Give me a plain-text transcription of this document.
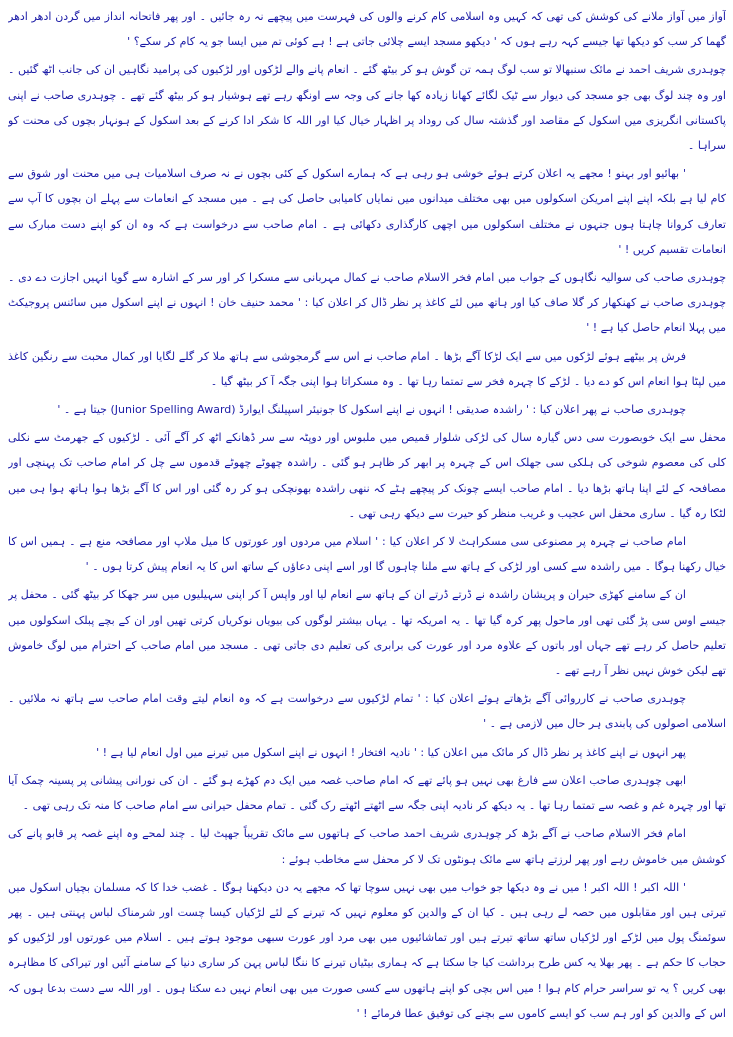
آواز میں آواز ملانے کی کوشش کی تھی کہ کہیں وہ اسلامی کام کرنے والوں کی فہرست میں پیچھے نہ رہ جائیں ۔ اور پھر فاتحانہ انداز میں گردن ادھر ادھر گھما کر سب کو دیکھا تھا جیسے کہہ رہے ہوں کہ ' دیکھو مسجد ایسے چلائی جاتی ہے ! ہے کوئی تم میں ایسا جو یہ کام کر سکے؟ '

چوہدری شریف احمد نے مائک سنبھالا تو سب لوگ ہمہ تن گوش ہو کر بیٹھ گئے ۔ انعام پانے والے لڑکوں اور لڑکیوں کی پرامید نگاہیں ان کی جانب اٹھ گئیں ۔ اور وہ چند لوگ بھی جو مسجد کی دیوار سے ٹیک لگائے کھانا زیادہ کھا جانے کی وجہ سے اونگھ رہے تھے ہوشیار ہو کر بیٹھ گئے تھے ۔ چوہدری صاحب نے اپنی پاکستانی انگریزی میں اسکول کے مقاصد اور گذشتہ سال کی روداد پر اظہار خیال کیا اور اللہ کا شکر ادا کرنے کے بعد اسکول کے ہونہار بچوں کی محنت کو سراہا ۔

' بھائیو اور بہنو ! مجھے یہ اعلان کرتے ہوئے خوشی ہو رہی ہے کہ ہمارے اسکول کے کئی بچوں نے نہ صرف اسلامیات ہی میں محنت اور شوق سے کام لیا ہے بلکہ اپنے اپنے امریکن اسکولوں میں بھی مختلف میدانوں میں نمایاں کامیابی حاصل کی ہے ۔ میں مسجد کے انعامات سے پہلے ان بچوں کا آپ سے تعارف کروانا چاہتا ہوں جنہوں نے مختلف اسکولوں میں اچھی کارگذاری دکھائی ہے ۔ امام صاحب سے درخواست ہے کہ وہ ان کو اپنے دست مبارک سے انعامات تقسیم کریں ! '

چوہدری صاحب کی سوالیہ نگاہوں کے جواب میں امام فخر الاسلام صاحب نے کمال مہربانی سے مسکرا کر اور سر کے اشارہ سے گویا انہیں اجازت دے دی ۔ چوہدری صاحب نے کھنکھار کر گلا صاف کیا اور ہاتھ میں لئے کاغذ پر نظر ڈال کر اعلان کیا : ' محمد حنیف خان ! انہوں نے اپنے اسکول میں سائنس پروجیکٹ میں پہلا انعام حاصل کیا ہے ! '

فرش پر بیٹھے ہوئے لڑکوں میں سے ایک لڑکا آگے بڑھا ۔ امام صاحب نے اس سے گرمجوشی سے ہاتھ ملا کر گلے لگایا اور کمال محبت سے رنگین کاغذ میں لپٹا ہوا انعام اس کو دے دیا ۔ لڑکے کا چہرہ فخر سے تمتما رہا تھا ۔ وہ مسکراتا ہوا اپنی جگہ آ کر بیٹھ گیا ۔

چوہدری صاحب نے پھر اعلان کیا : ' راشدہ صدیقی ! انہوں نے اپنے اسکول کا جونیئر اسپیلنگ ایوارڈ (Junior Spelling Award) جیتا ہے ۔ '

محفل سے ایک خوبصورت سی دس گیارہ سال کی لڑکی شلوار قمیص میں ملبوس اور دوپٹہ سے سر ڈھانکے اٹھ کر آگے آئی ۔ لڑکیوں کے جھرمٹ سے نکلی کلی کی معصوم شوخی کی ہلکی سی جھلک اس کے چہرہ پر ابھر کر ظاہر ہو گئی ۔ راشدہ چھوٹے چھوٹے قدموں سے چل کر امام صاحب تک پہنچی اور مصافحہ کے لئے اپنا ہاتھ بڑھا دیا ۔ امام صاحب ایسے چونک کر پیچھے ہٹے کہ ننھی راشدہ بھونچکی ہو کر رہ گئی اور اس کا آگے بڑھا ہوا ہاتھ ہوا ہی میں لٹکا رہ گیا ۔ ساری محفل اس عجیب و غریب منظر کو حیرت سے دیکھ رہی تھی ۔

امام صاحب نے چہرہ پر مصنوعی سی مسکراہٹ لا کر اعلان کیا : ' اسلام میں مردوں اور عورتوں کا میل ملاپ اور مصافحہ منع ہے ۔ ہمیں اس کا خیال رکھنا ہوگا ۔ میں راشدہ سے کسی اور لڑکی کے ہاتھ سے ملنا چاہوں گا اور اسے اپنی دعاؤں کے ساتھ اس کا یہ انعام پیش کرتا ہوں ۔ '

ان کے سامنے کھڑی حیران و پریشان راشدہ نے ڈرتے ڈرتے ان کے ہاتھ سے انعام لیا اور واپس آ کر اپنی سہیلیوں میں سر جھکا کر بیٹھ گئی ۔ محفل پر جیسے اوس سی پڑ گئی تھی اور ماحول پھر کرہ گیا تھا ۔ یہ امریکہ تھا ۔ یہاں بیشتر لوگوں کی بیویاں نوکریاں کرتی تھیں اور ان کے بچے پبلک اسکولوں میں تعلیم حاصل کر رہے تھے جہاں اور باتوں کے علاوہ مرد اور عورت کی برابری کی تعلیم دی جاتی تھی ۔ مسجد میں امام صاحب کے احترام میں لوگ خاموش تھے لیکن خوش نہیں نظر آ رہے تھے ۔

چوہدری صاحب نے کارروائی آگے بڑھاتے ہوئے اعلان کیا : ' تمام لڑکیوں سے درخواست ہے کہ وہ انعام لیتے وقت امام صاحب سے ہاتھ نہ ملائیں ۔ اسلامی اصولوں کی پابندی ہر حال میں لازمی ہے ۔ '

پھر انہوں نے اپنے کاغذ پر نظر ڈال کر مائک میں اعلان کیا : ' نادیہ افتخار ! انہوں نے اپنے اسکول میں تیرنے میں اول انعام لیا ہے ! '

ابھی چوہدری صاحب اعلان سے فارغ بھی نہیں ہو پائے تھے کہ امام صاحب غصہ میں ایک دم کھڑے ہو گئے ۔ ان کی نورانی پیشانی پر پسینہ چمک آیا تھا اور چہرہ غم و غصہ سے تمتما رہا تھا ۔ یہ دیکھ کر نادیہ اپنی جگہ سے اٹھتے اٹھتے رک گئی ۔ تمام محفل حیرانی سے امام صاحب کا منہ تک رہی تھی ۔

امام فخر الاسلام صاحب نے آگے بڑھ کر چوہدری شریف احمد صاحب کے ہاتھوں سے مائک تقریباً جھپٹ لیا ۔ چند لمحے وہ اپنے غصہ پر قابو پانے کی کوشش میں خاموش رہے اور پھر لرزتے ہاتھ سے مائک ہونٹوں تک لا کر محفل سے مخاطب ہوئے :

' اللہ اکبر ! اللہ اکبر ! میں نے وہ دیکھا جو خواب میں بھی نہیں سوچا تھا کہ مجھے یہ دن دیکھنا ہوگا ۔ غضب خدا کا کہ مسلمان بچیاں اسکول میں تیرتی ہیں اور مقابلوں میں حصہ لے رہی ہیں ۔ کیا ان کے والدین کو معلوم نہیں کہ تیرنے کے لئے لڑکیاں کیسا چست اور شرمناک لباس پہنتی ہیں ۔ پھر سوئمنگ پول میں لڑکے اور لڑکیاں ساتھ ساتھ تیرتے ہیں اور تماشائیوں میں بھی مرد اور عورت سبھی موجود ہوتے ہیں ۔ اسلام میں عورتوں اور لڑکیوں کو حجاب کا حکم ہے ۔ پھر بھلا یہ کس طرح برداشت کیا جا سکتا ہے کہ ہماری بیٹیاں تیرنے کا ننگا لباس پہن کر ساری دنیا کے سامنے آئیں اور تیراکی کا مظاہرہ بھی کریں ؟ یہ تو سراسر حرام کام ہوا ! میں اس بچی کو اپنے ہاتھوں سے کسی صورت میں بھی انعام نہیں دے سکتا ہوں ۔ اور اللہ سے دست بدعا ہوں کہ اس کے والدین کو اور ہم سب کو ایسے کاموں سے بچنے کی توفیق عطا فرمائے ! '
